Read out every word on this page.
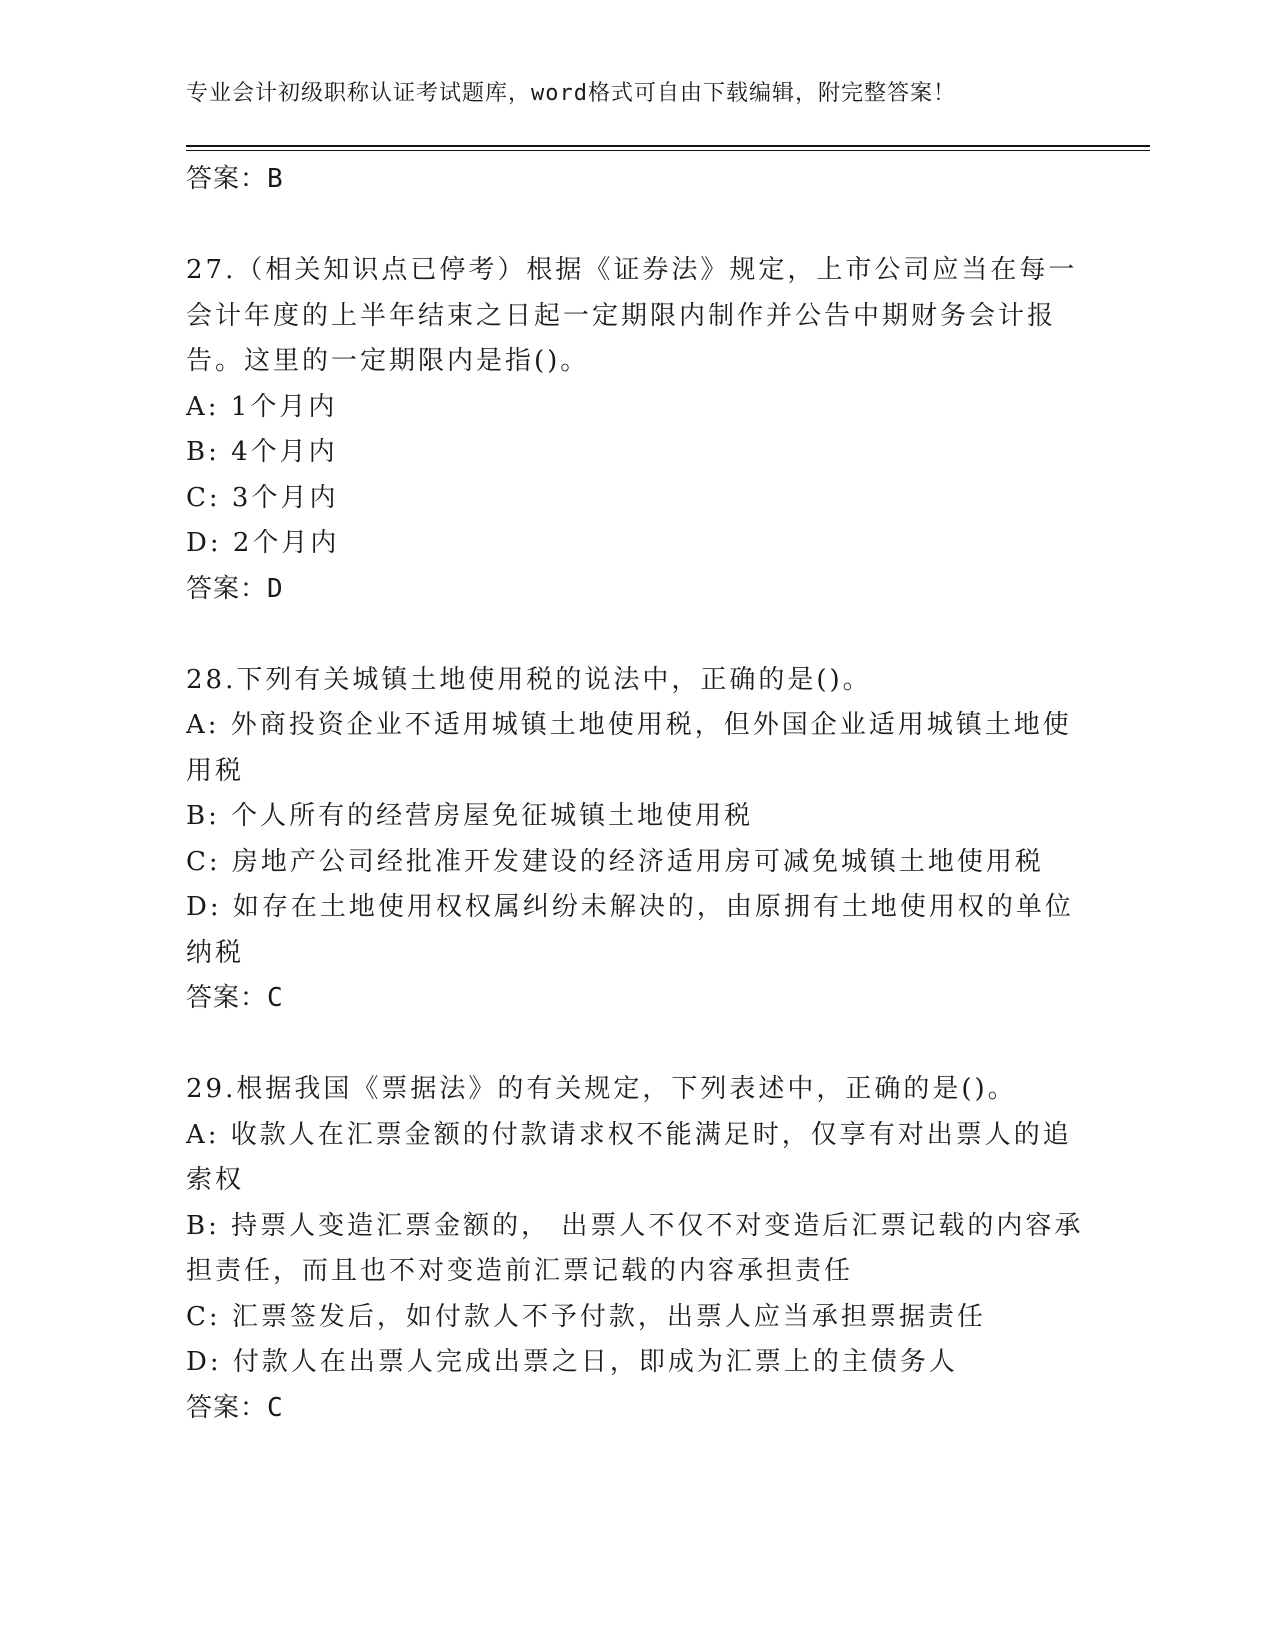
专业会计初级职称认证考试题库，word格式可自由下载编辑，附完整答案！

答案：B

27.（相关知识点已停考）根据《证券法》规定，上市公司应当在每一会计年度的上半年结束之日起一定期限内制作并公告中期财务会计报告。这里的一定期限内是指()。

A: 1个月内

B: 4个月内

C: 3个月内

D: 2个月内

答案：D

28.下列有关城镇土地使用税的说法中，正确的是()。

A: 外商投资企业不适用城镇土地使用税，但外国企业适用城镇土地使用税

B: 个人所有的经营房屋免征城镇土地使用税

C: 房地产公司经批准开发建设的经济适用房可减免城镇土地使用税

D: 如存在土地使用权权属纠纷未解决的，由原拥有土地使用权的单位纳税

答案：C

29.根据我国《票据法》的有关规定，下列表述中，正确的是()。

A: 收款人在汇票金额的付款请求权不能满足时，仅享有对出票人的追索权

B: 持票人变造汇票金额的， 出票人不仅不对变造后汇票记载的内容承担责任，而且也不对变造前汇票记载的内容承担责任

C: 汇票签发后，如付款人不予付款，出票人应当承担票据责任

D: 付款人在出票人完成出票之日，即成为汇票上的主债务人

答案：C
